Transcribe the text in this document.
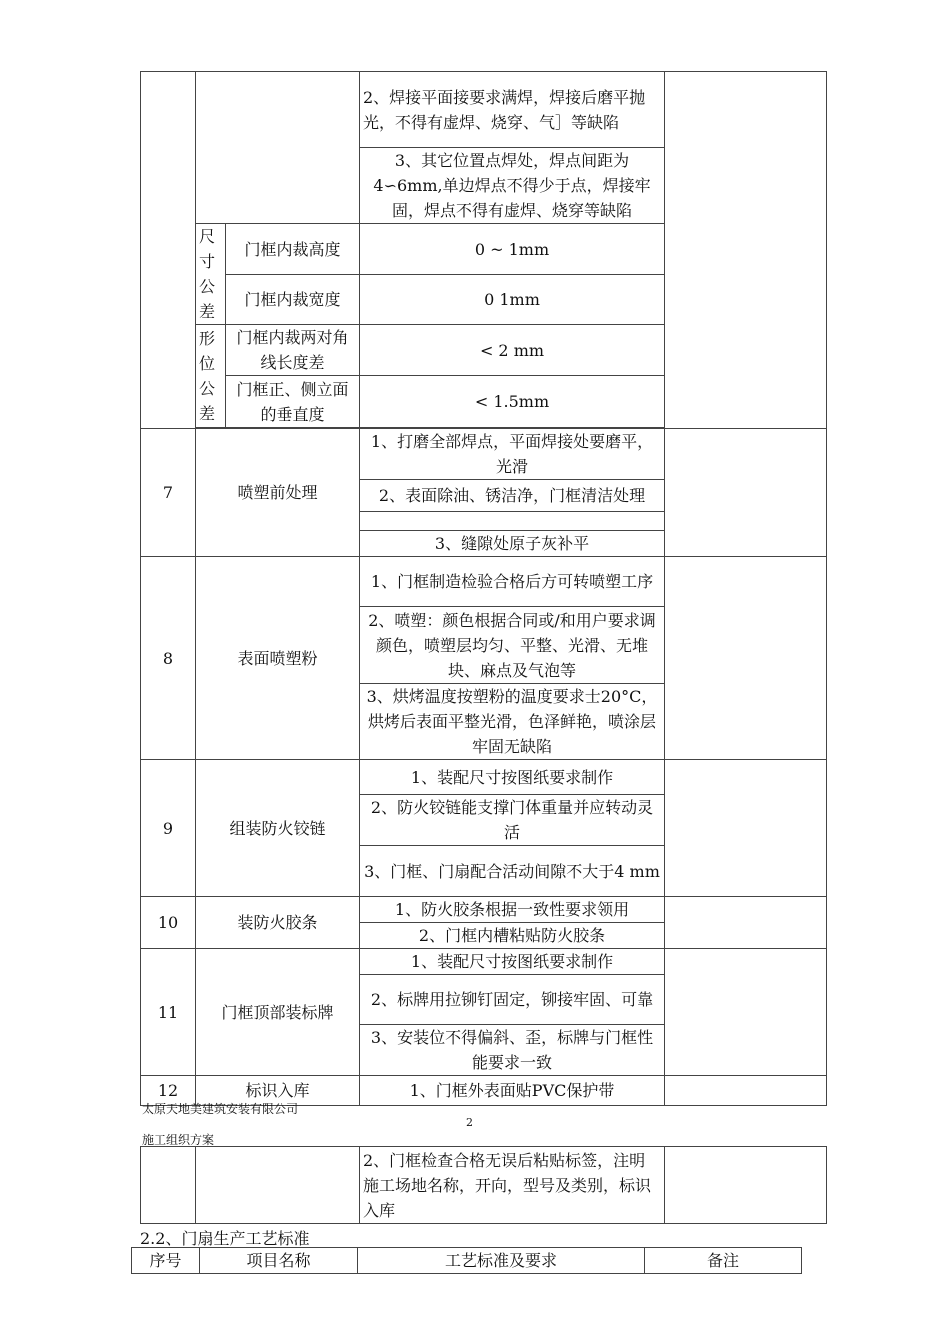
			2、焊接平面接要求满焊，焊接后磨平抛光，不得有虚焊、烧穿、气］等缺陷	
			3、其它位置点焊处，焊点间距为4∽6mm,单边焊点不得少于点，焊接牢固，焊点不得有虚焊、烧穿等缺陷	
	尺寸公差	门框内裁高度	0 ~ 1mm	
		门框内裁宽度	0 1mm	
	形位公差	门框内裁两对角线长度差	< 2 mm	
		门框正、侧立面的垂直度	< 1.5mm	

7	喷塑前处理		1、打磨全部焊点，平面焊接处要磨平，光滑	
			2、表面除油、锈洁净，门框清洁处理	

			3、缝隙处原子灰补平	
8	表面喷塑粉		1、门框制造检验合格后方可转喷塑工序	
			2、喷塑：颜色根据合同或/和用户要求调颜色，喷塑层均匀、平整、光滑、无堆块、麻点及气泡等	
			3、烘烤温度按塑粉的温度要求士20°C，烘烤后表面平整光滑，色泽鲜艳，喷涂层牢固无缺陷	
9	组装防火铰链		1、装配尺寸按图纸要求制作	
			2、防火铰链能支撑门体重量并应转动灵活	
			3、门框、门扇配合活动间隙不大于4 mm	
10	装防火胶条		1、防火胶条根据一致性要求领用	
			2、门框内槽粘贴防火胶条	
11	门框顶部装标牌		1、装配尺寸按图纸要求制作	
			2、标牌用拉铆钉固定，铆接牢固、可靠	
			3、安装位不得偏斜、歪，标牌与门框性能要求一致	
12	标识入库		1、门框外表面贴PVC保护带	
太原天地美建筑安装有限公司
2
施工组织方案
		2、门框检查合格无误后粘贴标签，注明施工场地名称，开向，型号及类别，标识入库	
2.2、门扇生产工艺标准
序号	项目名称	工艺标准及要求	备注
